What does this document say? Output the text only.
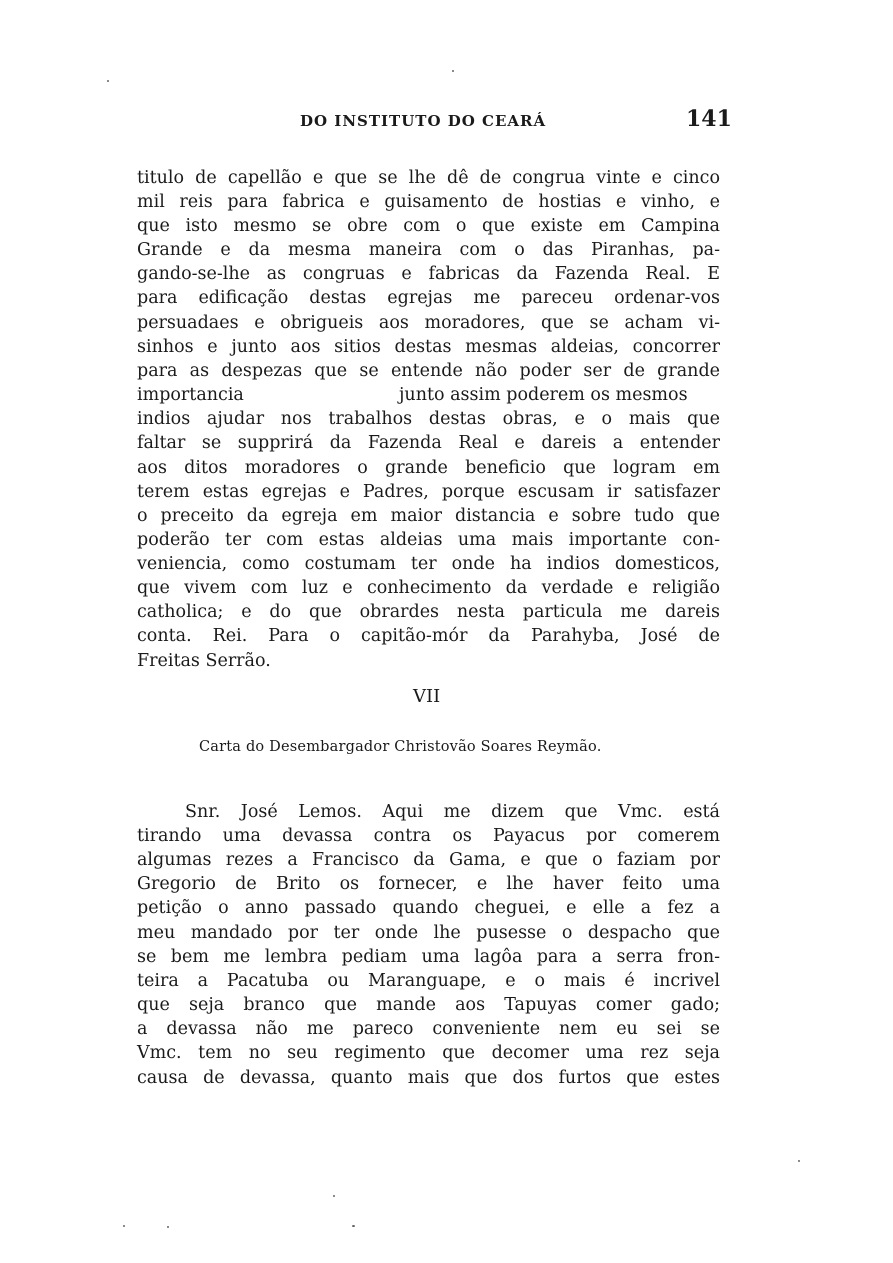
DO INSTITUTO DO CEARÁ	141
titulo de capellão e que se lhe dê de congrua vinte e cinco
mil reis para fabrica e guisamento de hostias e vinho, e
que isto mesmo se obre com o que existe em Campina
Grande e da mesma maneira com o das Piranhas, pa-
gando-se-lhe as congruas e fabricas da Fazenda Real. E
para edificação destas egrejas me pareceu ordenar-vos
persuadaes e obrigueis aos moradores, que se acham vi-
sinhos e junto aos sitios destas mesmas aldeias, concorrer
para as despezas que se entende não poder ser de grande
importancia	junto assim poderem os mesmos
indios ajudar nos trabalhos destas obras, e o mais que
faltar se supprirá da Fazenda Real e dareis a entender
aos ditos moradores o grande beneficio que logram em
terem estas egrejas e Padres, porque escusam ir satisfazer
o preceito da egreja em maior distancia e sobre tudo que
poderão ter com estas aldeias uma mais importante con-
veniencia, como costumam ter onde ha indios domesticos,
que vivem com luz e conhecimento da verdade e religião
catholica; e do que obrardes nesta particula me dareis
conta. Rei. Para o capitão-mór da Parahyba, José de
Freitas Serrão.
VII
Carta do Desembargador Christovão Soares Reymão.
Snr. José Lemos. Aqui me dizem que Vmc. está
tirando uma devassa contra os Payacus por comerem
algumas rezes a Francisco da Gama, e que o faziam por
Gregorio de Brito os fornecer, e lhe haver feito uma
petição o anno passado quando cheguei, e elle a fez a
meu mandado por ter onde lhe pusesse o despacho que
se bem me lembra pediam uma lagôa para a serra fron-
teira a Pacatuba ou Maranguape, e o mais é incrivel
que seja branco que mande aos Tapuyas comer gado;
a devassa não me pareco conveniente nem eu sei se
Vmc. tem no seu regimento que decomer uma rez seja
causa de devassa, quanto mais que dos furtos que estes
